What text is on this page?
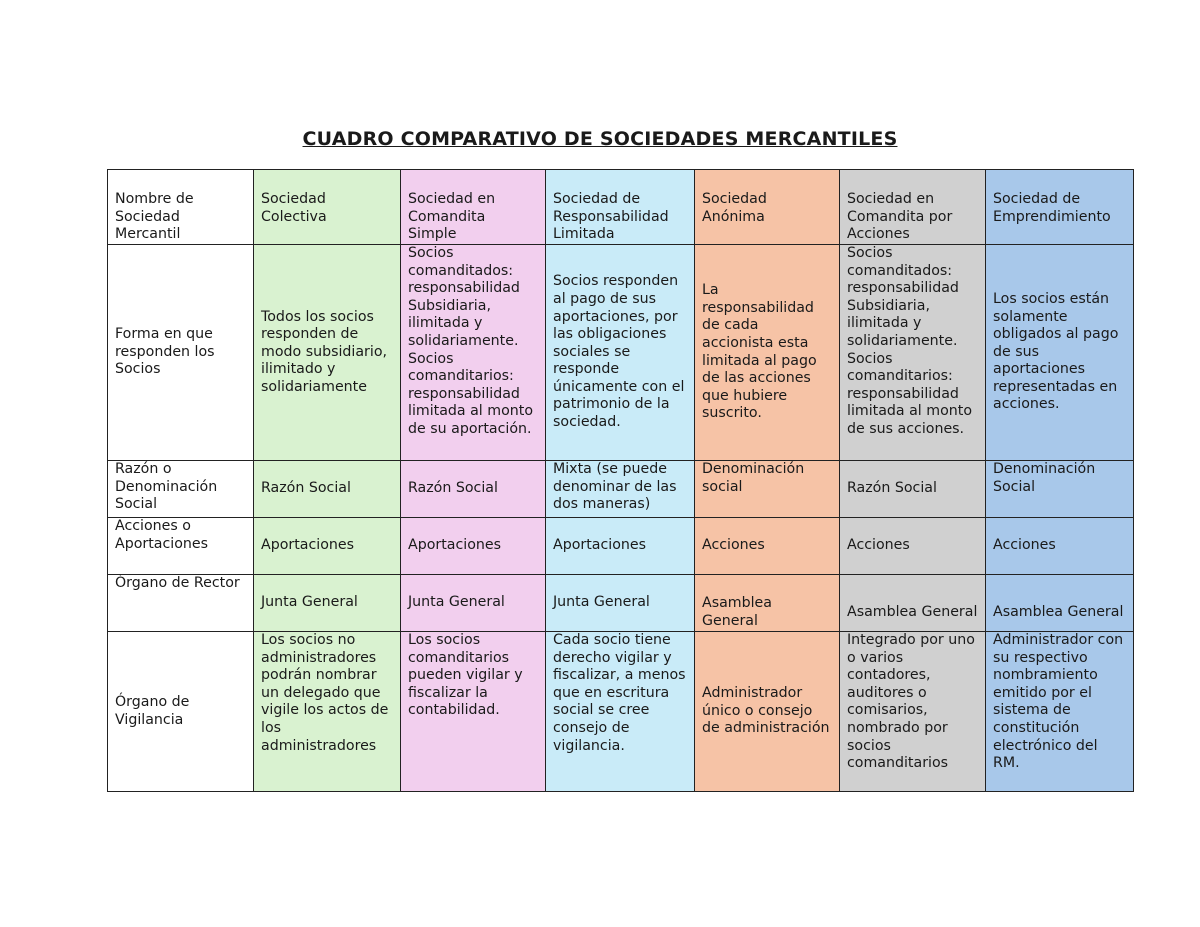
CUADRO COMPARATIVO DE SOCIEDADES MERCANTILES
Nombre de Sociedad Mercantil	Sociedad Colectiva	Sociedad en Comandita Simple	Sociedad de Responsabilidad Limitada	Sociedad Anónima	Sociedad en Comandita por Acciones	Sociedad de Emprendimiento
Forma en que responden los Socios	Todos los socios responden de modo subsidiario, ilimitado y solidariamente	Socios comanditados: responsabilidad Subsidiaria, ilimitada y solidariamente. Socios comanditarios: responsabilidad limitada al monto de su aportación.	Socios responden al pago de sus aportaciones, por las obligaciones sociales se responde únicamente con el patrimonio de la sociedad.	La responsabilidad de cada accionista esta limitada al pago de las acciones que hubiere suscrito.	Socios comanditados: responsabilidad Subsidiaria, ilimitada y solidariamente. Socios comanditarios: responsabilidad limitada al monto de sus acciones.	Los socios están solamente obligados al pago de sus aportaciones representadas en acciones.
Razón o Denominación Social	Razón Social	Razón Social	Mixta (se puede denominar de las dos maneras)	Denominación social	Razón Social	Denominación Social
Acciones o Aportaciones	Aportaciones	Aportaciones	Aportaciones	Acciones	Acciones	Acciones
Órgano de Rector	Junta General	Junta General	Junta General	Asamblea General	Asamblea General	Asamblea General
Órgano de Vigilancia	Los socios no administradores podrán nombrar un delegado que vigile los actos de los administradores	Los socios comanditarios pueden vigilar y fiscalizar la contabilidad.	Cada socio tiene derecho vigilar y fiscalizar, a menos que en escritura social se cree consejo de vigilancia.	Administrador único o consejo de administración	Integrado por uno o varios contadores, auditores o comisarios, nombrado por socios comanditarios	Administrador con su respectivo nombramiento emitido por el sistema de constitución electrónico del RM.
